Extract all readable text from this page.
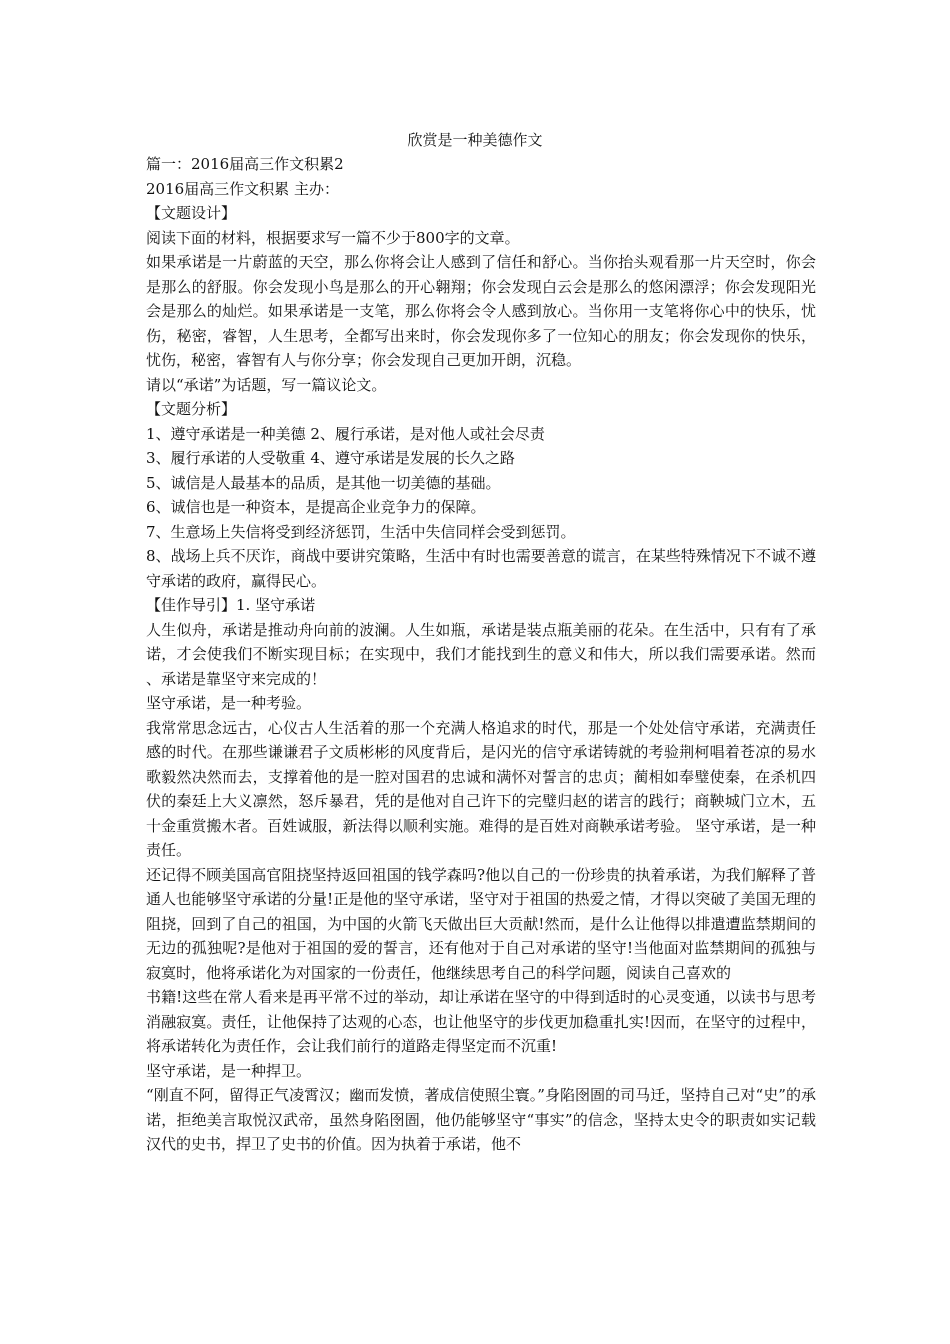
欣赏是一种美德作文

篇一：2016届高三作文积累2

2016届高三作文积累 主办：

【文题设计】

阅读下面的材料，根据要求写一篇不少于800字的文章。

如果承诺是一片蔚蓝的天空，那么你将会让人感到了信任和舒心。当你抬头观看那一片天空时，你会是那么的舒服。你会发现小鸟是那么的开心翱翔；你会发现白云会是那么的悠闲漂浮；你会发现阳光会是那么的灿烂。如果承诺是一支笔，那么你将会令人感到放心。当你用一支笔将你心中的快乐，忧伤，秘密，睿智，人生思考，全都写出来时，你会发现你多了一位知心的朋友；你会发现你的快乐，忧伤，秘密，睿智有人与你分享；你会发现自己更加开朗，沉稳。

请以“承诺”为话题，写一篇议论文。

【文题分析】

1、遵守承诺是一种美德 2、履行承诺，是对他人或社会尽责

3、履行承诺的人受敬重 4、遵守承诺是发展的长久之路

5、诚信是人最基本的品质，是其他一切美德的基础。

6、诚信也是一种资本，是提高企业竞争力的保障。

7、生意场上失信将受到经济惩罚，生活中失信同样会受到惩罚。

8、战场上兵不厌诈，商战中要讲究策略，生活中有时也需要善意的谎言，在某些特殊情况下不诚不遵守承诺的政府，赢得民心。

【佳作导引】1. 坚守承诺

人生似舟，承诺是推动舟向前的波澜。人生如瓶，承诺是装点瓶美丽的花朵。在生活中，只有有了承诺，才会使我们不断实现目标；在实现中，我们才能找到生的意义和伟大，所以我们需要承诺。然而、承诺是靠坚守来完成的！

坚守承诺，是一种考验。

我常常思念远古，心仪古人生活着的那一个充满人格追求的时代，那是一个处处信守承诺，充满责任感的时代。在那些谦谦君子文质彬彬的风度背后，是闪光的信守承诺铸就的考验荆柯唱着苍凉的易水歌毅然决然而去，支撑着他的是一腔对国君的忠诚和满怀对誓言的忠贞；蔺相如奉璧使秦，在杀机四伏的秦廷上大义凛然，怒斥暴君，凭的是他对自己许下的完璧归赵的诺言的践行；商鞅城门立木，五十金重赏搬木者。百姓诚服，新法得以顺利实施。难得的是百姓对商鞅承诺考验。 坚守承诺，是一种责任。

还记得不顾美国高官阻挠坚持返回祖国的钱学森吗?他以自己的一份珍贵的执着承诺，为我们解释了普通人也能够坚守承诺的分量!正是他的坚守承诺，坚守对于祖国的热爱之情，才得以突破了美国无理的阻挠，回到了自己的祖国，为中国的火箭飞天做出巨大贡献!然而，是什么让他得以排遣遭监禁期间的无边的孤独呢?是他对于祖国的爱的誓言，还有他对于自己对承诺的坚守!当他面对监禁期间的孤独与寂寞时，他将承诺化为对国家的一份责任，他继续思考自己的科学问题，阅读自己喜欢的

书籍!这些在常人看来是再平常不过的举动，却让承诺在坚守的中得到适时的心灵变通，以读书与思考消融寂寞。责任，让他保持了达观的心态，也让他坚守的步伐更加稳重扎实!因而，在坚守的过程中，将承诺转化为责任作，会让我们前行的道路走得坚定而不沉重!

坚守承诺，是一种捍卫。

“刚直不阿，留得正气凌霄汉；幽而发愤，著成信使照尘寰。”身陷囹圄的司马迁，坚持自己对“史”的承诺，拒绝美言取悦汉武帝，虽然身陷囹圄，他仍能够坚守“事实”的信念，坚持太史令的职责如实记载汉代的史书，捍卫了史书的价值。因为执着于承诺，他不
